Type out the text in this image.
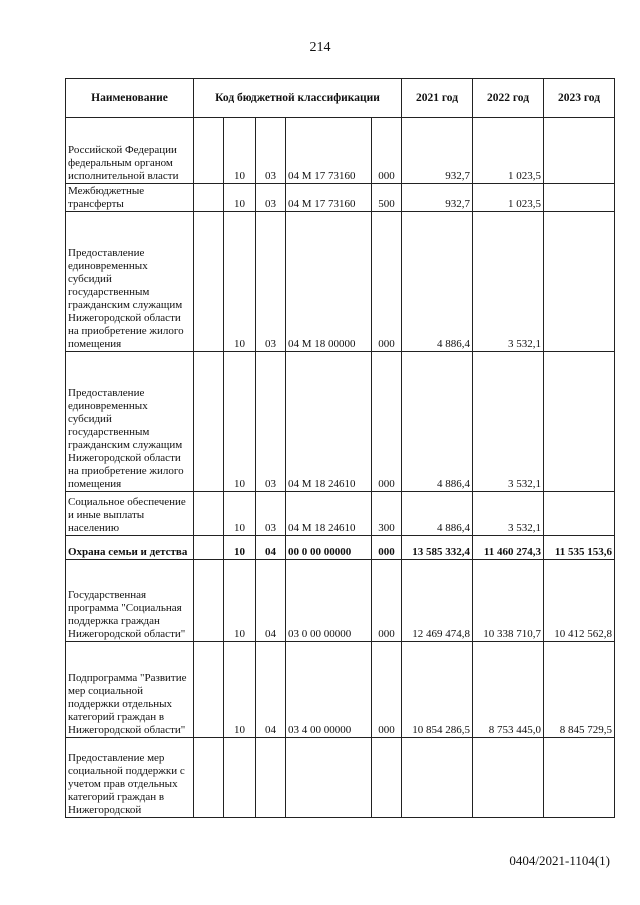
214
Наименование	Код бюджетной классификации					2021 год	2022 год	2023 год
Российской Федерации федеральным органом исполнительной власти		10	03	04 М 17 73160	000	932,7	1 023,5	
Межбюджетные трансферты		10	03	04 М 17 73160	500	932,7	1 023,5	
Предоставление единовременных субсидий государственным гражданским служащим Нижегородской области на приобретение жилого помещения		10	03	04 М 18 00000	000	4 886,4	3 532,1	
Предоставление единовременных субсидий государственным гражданским служащим Нижегородской области на приобретение жилого помещения		10	03	04 М 18 24610	000	4 886,4	3 532,1	
Социальное обеспечение и иные выплаты населению		10	03	04 М 18 24610	300	4 886,4	3 532,1	
Охрана семьи и детства		10	04	00 0 00 00000	000	13 585 332,4	11 460 274,3	11 535 153,6
Государственная программа "Социальная поддержка граждан Нижегородской области"		10	04	03 0 00 00000	000	12 469 474,8	10 338 710,7	10 412 562,8
Подпрограмма "Развитие мер социальной поддержки отдельных категорий граждан в Нижегородской области"		10	04	03 4 00 00000	000	10 854 286,5	8 753 445,0	8 845 729,5
Предоставление мер социальной поддержки с учетом прав отдельных категорий граждан в Нижегородской								
0404/2021-1104(1)
